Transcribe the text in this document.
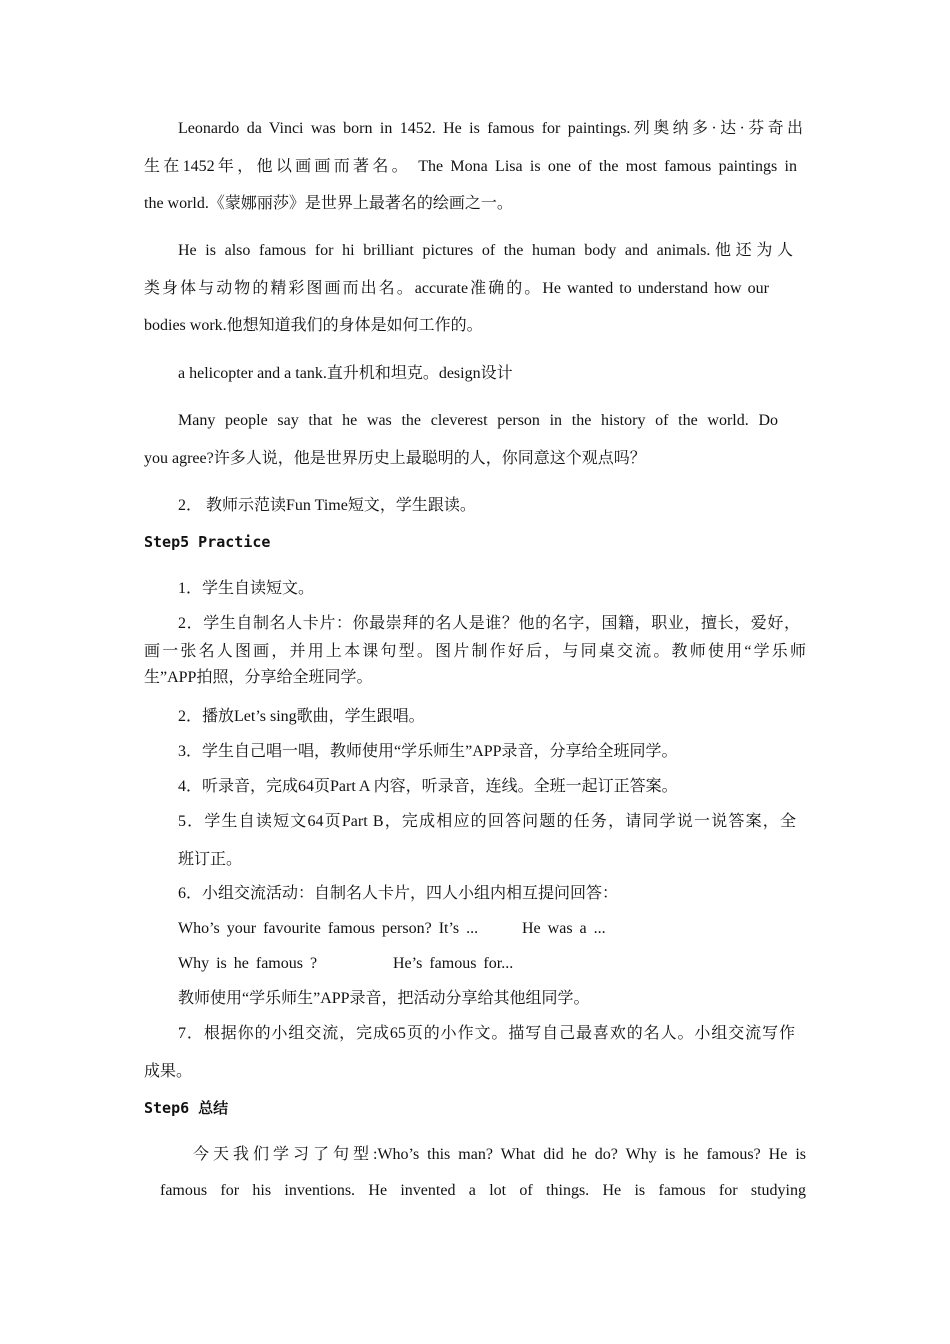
Leonardo da Vinci was born in 1452. He is famous for paintings.列奥纳多·达·芬奇出
生在1452年，他以画画而著名。 The Mona Lisa is one of the most famous paintings in
the world.《蒙娜丽莎》是世界上最著名的绘画之一。
He is also famous for hi brilliant pictures of the human body and animals.他还为人
类身体与动物的精彩图画而出名。accurate准确的。He wanted to understand how our
bodies work.他想知道我们的身体是如何工作的。
a helicopter and a tank.直升机和坦克。design设计
Many people say that he was the cleverest person in the history of the world. Do
you agree?许多人说，他是世界历史上最聪明的人，你同意这个观点吗？
2． 教师示范读Fun Time短文，学生跟读。
Step5 Practice
1．学生自读短文。
2．学生自制名人卡片：你最崇拜的名人是谁？他的名字，国籍，职业，擅长，爱好，
画一张名人图画，并用上本课句型。图片制作好后，与同桌交流。教师使用“学乐师
生”APP拍照，分享给全班同学。
2．播放Let’s sing歌曲，学生跟唱。
3．学生自己唱一唱，教师使用“学乐师生”APP录音，分享给全班同学。
4．听录音，完成64页Part A 内容，听录音，连线。全班一起订正答案。
5．学生自读短文64页Part B，完成相应的回答问题的任务，请同学说一说答案，全
班订正。
6．小组交流活动：自制名人卡片，四人小组内相互提问回答：
Who’s your favourite famous person? It’s ...	He was a ...
Why is he famous ?	He’s famous for...
教师使用“学乐师生”APP录音，把活动分享给其他组同学。
7．根据你的小组交流，完成65页的小作文。描写自己最喜欢的名人。小组交流写作
成果。
Step6 总结
今天我们学习了句型:Who’s this man? What did he do? Why is he famous? He is
famous for his inventions. He invented a lot of things. He is famous for studying
